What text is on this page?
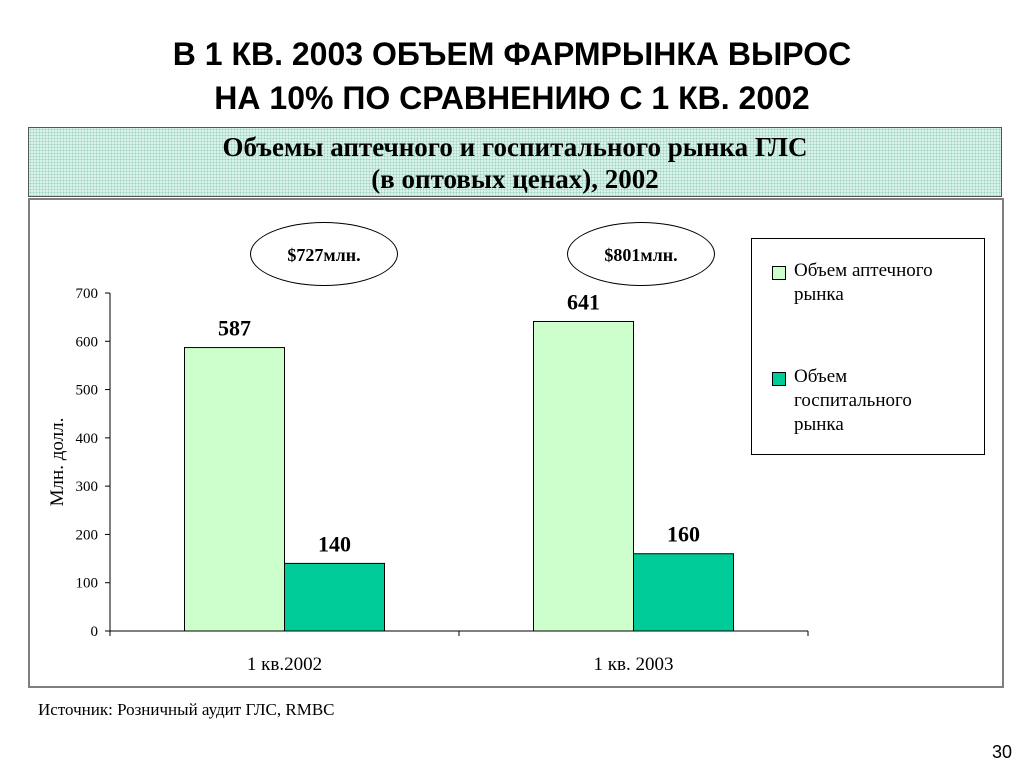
В 1 КВ. 2003 ОБЪЕМ ФАРМРЫНКА ВЫРОС
НА 10% ПО СРАВНЕНИЮ С 1 КВ. 2002
Объемы аптечного и госпитального рынка ГЛС
(в оптовых ценах), 2002
0
100
200
300
400
500
600
700
Млн. долл.
1 кв.2002
587
140
1 кв. 2003
641
160
$727млн.	$801млн.
Объем аптечного
рынка
Объем
госпитального
рынка
Источник: Розничный аудит ГЛС, RMBC
30
